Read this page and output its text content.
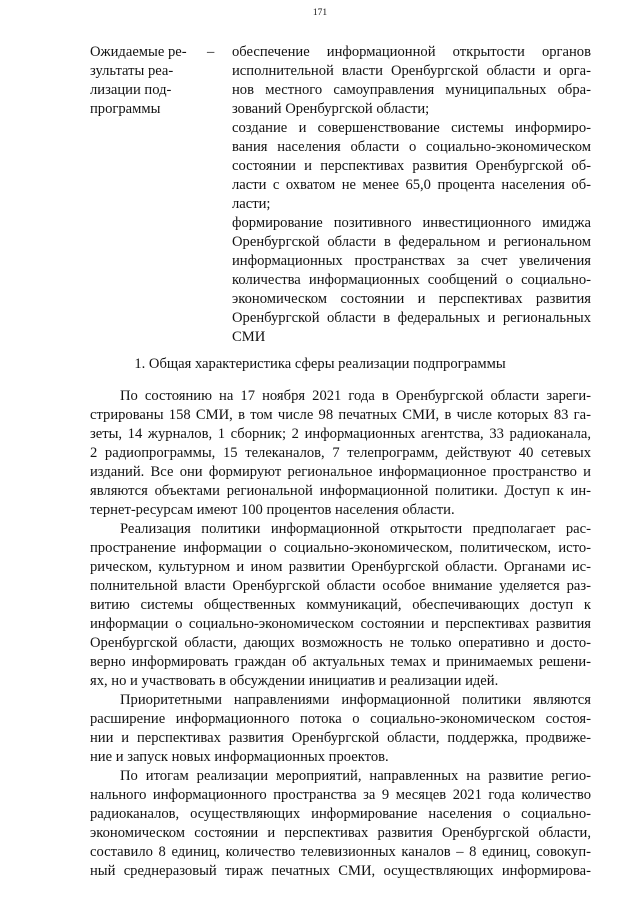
171
Ожидаемые ре-
зультаты реа-
лизации под-
программы
– обеспечение информационной открытости органов
исполнительной власти Оренбургской области и орга-
нов местного самоуправления муниципальных обра-
зований Оренбургской области;
создание и совершенствование системы информиро-
вания населения области о социально-экономическом
состоянии и перспективах развития Оренбургской об-
ласти с охватом не менее 65,0 процента населения об-
ласти;
формирование позитивного инвестиционного имиджа
Оренбургской области в федеральном и региональном
информационных пространствах за счет увеличения
количества информационных сообщений о социально-
экономическом состоянии и перспективах развития
Оренбургской области в федеральных и региональных
СМИ
1. Общая характеристика сферы реализации подпрограммы
По состоянию на 17 ноября 2021 года в Оренбургской области зареги-
стрированы 158 СМИ, в том числе 98 печатных СМИ, в числе которых 83 га-
зеты, 14 журналов, 1 сборник; 2 информационных агентства, 33 радиоканала,
2 радиопрограммы, 15 телеканалов, 7 телепрограмм, действуют 40 сетевых
изданий. Все они формируют региональное информационное пространство и
являются объектами региональной информационной политики. Доступ к ин-
тернет-ресурсам имеют 100 процентов населения области.
Реализация политики информационной открытости предполагает рас-
пространение информации о социально-экономическом, политическом, исто-
рическом, культурном и ином развитии Оренбургской области. Органами ис-
полнительной власти Оренбургской области особое внимание уделяется раз-
витию системы общественных коммуникаций, обеспечивающих доступ к
информации о социально-экономическом состоянии и перспективах развития
Оренбургской области, дающих возможность не только оперативно и досто-
верно информировать граждан об актуальных темах и принимаемых решени-
ях, но и участвовать в обсуждении инициатив и реализации идей.
Приоритетными направлениями информационной политики являются
расширение информационного потока о социально-экономическом состоя-
нии и перспективах развития Оренбургской области, поддержка, продвиже-
ние и запуск новых информационных проектов.
По итогам реализации мероприятий, направленных на развитие регио-
нального информационного пространства за 9 месяцев 2021 года количество
радиоканалов, осуществляющих информирование населения о социально-
экономическом состоянии и перспективах развития Оренбургской области,
составило 8 единиц, количество телевизионных каналов – 8 единиц, совокуп-
ный среднеразовый тираж печатных СМИ, осуществляющих информирова-
